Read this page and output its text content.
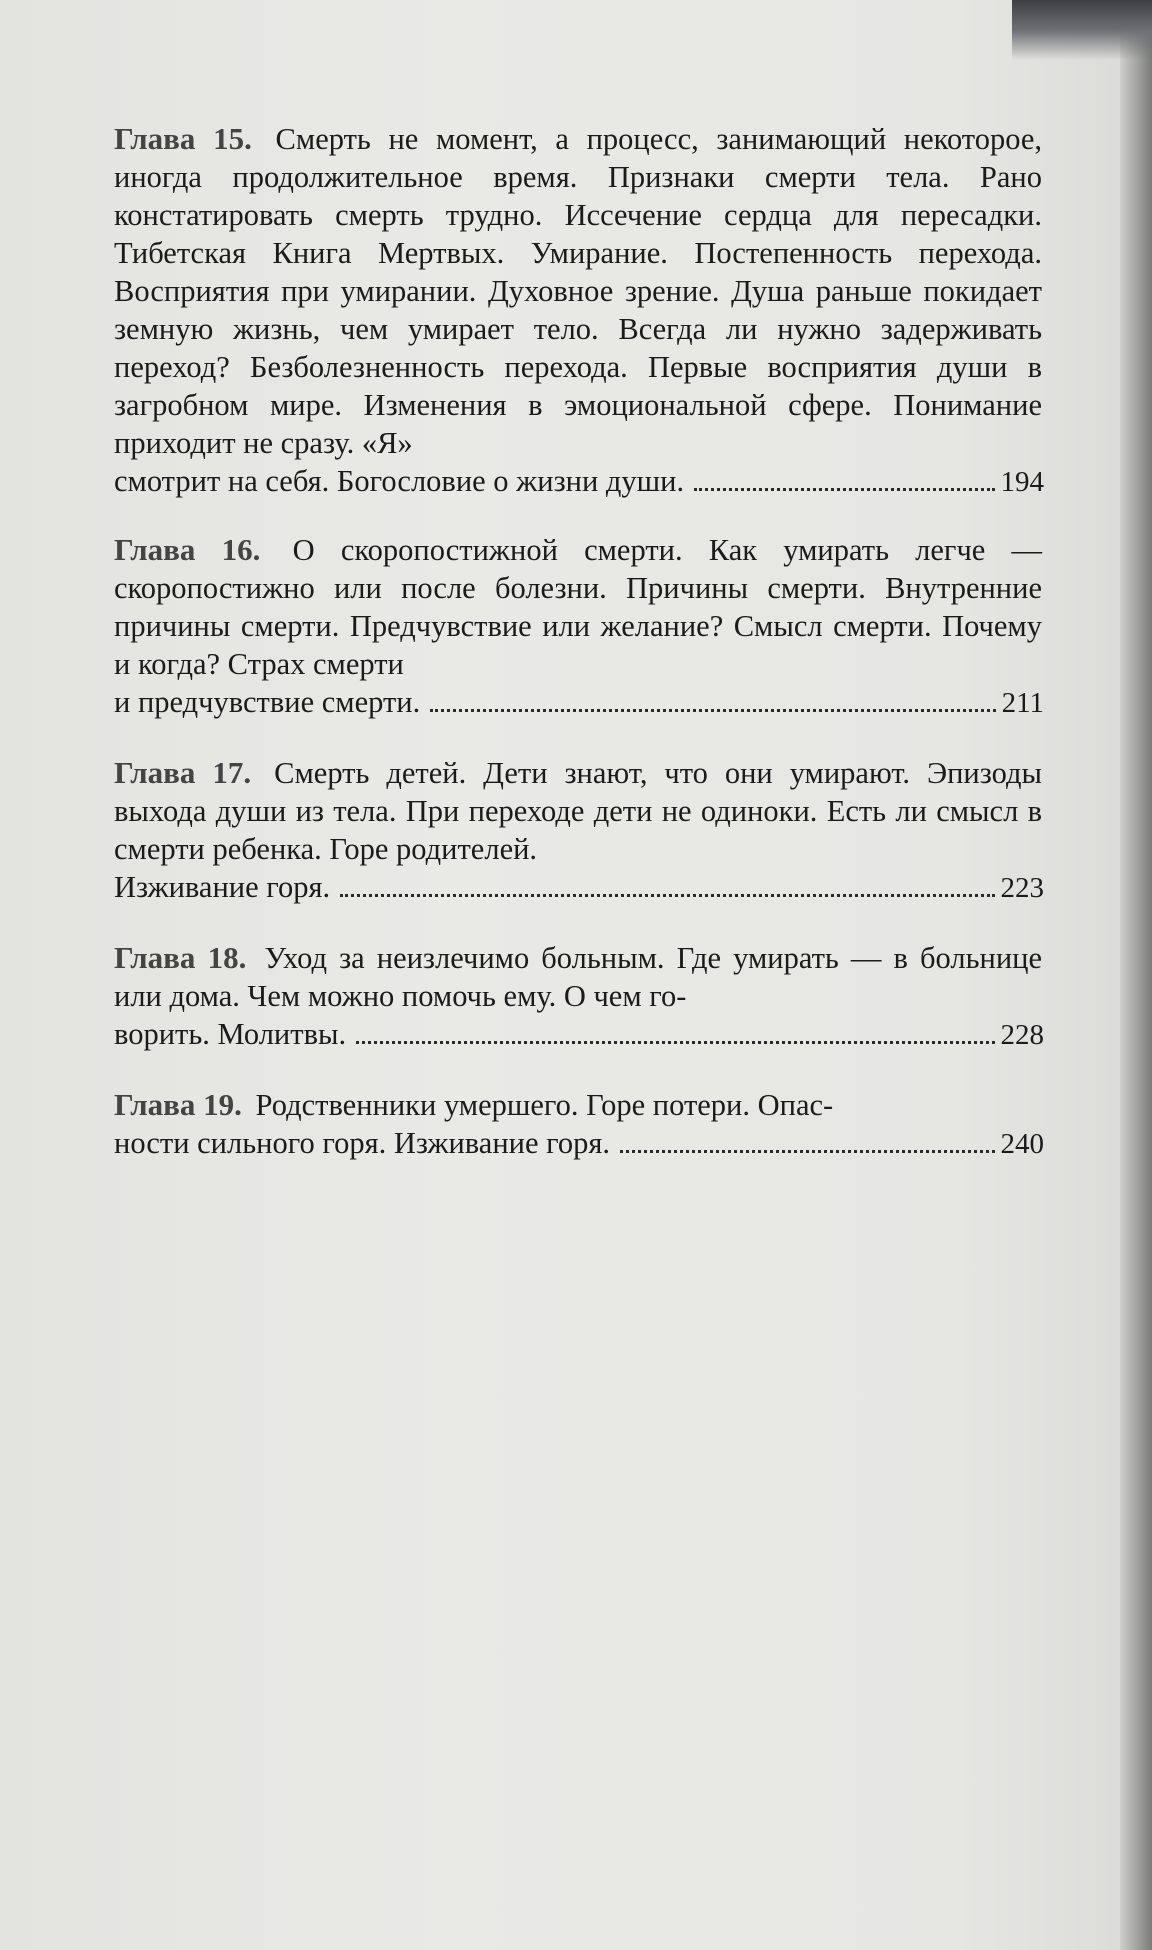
Глава 15. Смерть не момент, а процесс, занимающий некоторое, иногда продолжительное время. Признаки смерти тела. Рано констатировать смерть трудно. Иссечение сердца для пересадки. Тибетская Книга Мертвых. Умирание. Постепенность перехода. Восприятия при умирании. Духовное зрение. Душа раньше покидает земную жизнь, чем умирает тело. Всегда ли нужно задерживать переход? Безболезненность перехода. Первые восприятия души в загробном мире. Изменения в эмоциональной сфере. Понимание приходит не сразу. «Я»
смотрит на себя. Богословие о жизни души.	194
Глава 16. О скоропостижной смерти. Как умирать легче — скоропостижно или после болезни. Причины смерти. Внутренние причины смерти. Предчувствие или желание? Смысл смерти. Почему и когда? Страх смерти
и предчувствие смерти.	211
Глава 17. Смерть детей. Дети знают, что они умирают. Эпизоды выхода души из тела. При переходе дети не одиноки. Есть ли смысл в смерти ребенка. Горе родителей.
Изживание горя.	223
Глава 18. Уход за неизлечимо больным. Где умирать — в больнице или дома. Чем можно помочь ему. О чем го-
ворить. Молитвы.	228
Глава 19. Родственники умершего. Горе потери. Опас-
ности сильного горя. Изживание горя.	240
